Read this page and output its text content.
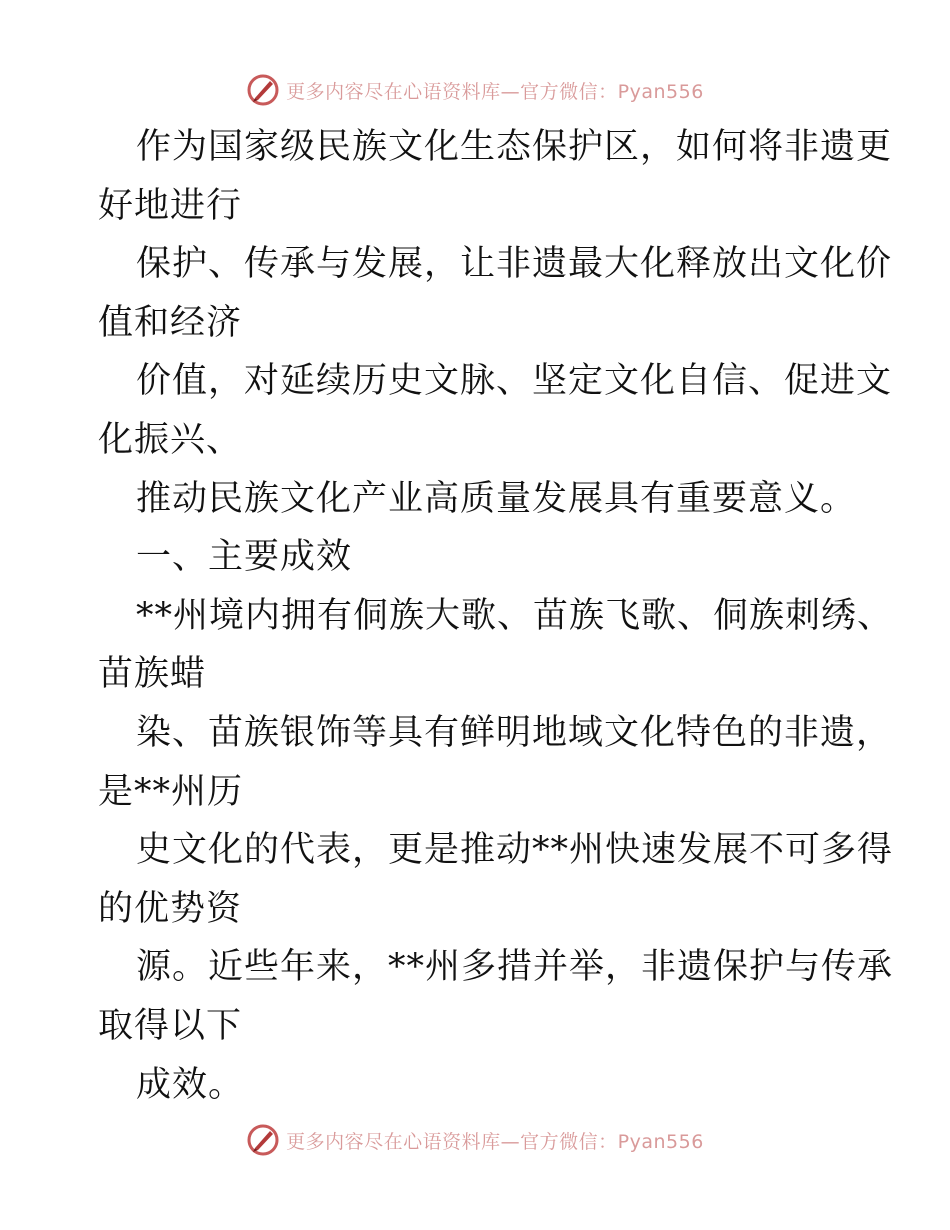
更多内容尽在心语资料库—官方微信：Pyan556
作为国家级民族文化生态保护区，如何将非遗更
好地进行
保护、传承与发展，让非遗最大化释放出文化价
值和经济
价值，对延续历史文脉、坚定文化自信、促进文
化振兴、
推动民族文化产业高质量发展具有重要意义。
一、主要成效
**州境内拥有侗族大歌、苗族飞歌、侗族刺绣、
苗族蜡
染、苗族银饰等具有鲜明地域文化特色的非遗，
是**州历
史文化的代表，更是推动**州快速发展不可多得
的优势资
源。近些年来，**州多措并举，非遗保护与传承
取得以下
成效。
更多内容尽在心语资料库—官方微信：Pyan556
